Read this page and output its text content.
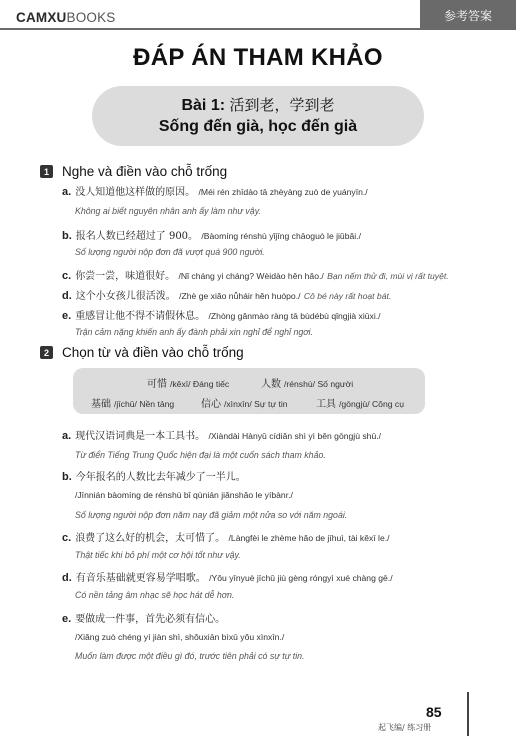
CAMXUBOOKS	参考答案
ĐÁP ÁN THAM KHẢO
Bài 1: 活到老，学到老
Sống đến già, học đến già
1 Nghe và điền vào chỗ trống
a. 没人知道他这样做的原因。 /Méi rén zhīdào tā zhèyàng zuò de yuányīn./
Không ai biết nguyên nhân anh ấy làm như vậy.
b. 报名人数已经超过了 900。 /Bàomíng rénshù yǐjīng chāoguò le jiǔbǎi./
Số lượng người nộp đơn đã vượt quá 900 người.
c. 你尝一尝，味道很好。 /Nǐ cháng yi cháng? Wèidào hěn hǎo./ Bạn nếm thử đi, mùi vị rất tuyệt.
d. 这个小女孩儿很活泼。 /Zhè ge xiǎo nǚháir hěn huópo./ Cô bé này rất hoạt bát.
e. 重感冒让他不得不请假休息。 /Zhòng gǎnmào ràng tā bùdébù qǐngjià xiūxi./
Trận cảm nặng khiến anh ấy đành phải xin nghỉ để nghỉ ngơi.
2 Chọn từ và điền vào chỗ trống
可惜 /kěxī/ Đáng tiếc	人数 /rénshù/ Số người
基础 /jīchǔ/ Nền tảng	信心 /xìnxīn/ Sự tự tin	工具 /gōngjù/ Công cụ
a. 现代汉语词典是一本工具书。 /Xiàndài Hànyǔ cídiǎn shì yì běn gōngjù shū./
Từ điển Tiếng Trung Quốc hiện đại là một cuốn sách tham khảo.
b. 今年报名的人数比去年减少了一半儿。
/Jīnnián bàomíng de rénshù bǐ qùnián jiǎnshǎo le yíbànr./
Số lượng người nộp đơn năm nay đã giảm một nửa so với năm ngoái.
c. 浪费了这么好的机会，太可惜了。 /Làngfèi le zhème hǎo de jīhuì, tài kěxī le./
Thật tiếc khi bỏ phí một cơ hội tốt như vậy.
d. 有音乐基础就更容易学唱歌。 /Yǒu yīnyuè jīchǔ jiù gèng róngyì xué chàng gē./
Có nền tảng âm nhạc sẽ học hát dễ hơn.
e. 要做成一件事，首先必须有信心。
/Xiǎng zuò chéng yí jiàn shì, shǒuxiān bìxū yǒu xìnxīn./
Muốn làm được một điều gì đó, trước tiên phải có sự tự tin.
85
起飞编/ 练习册
